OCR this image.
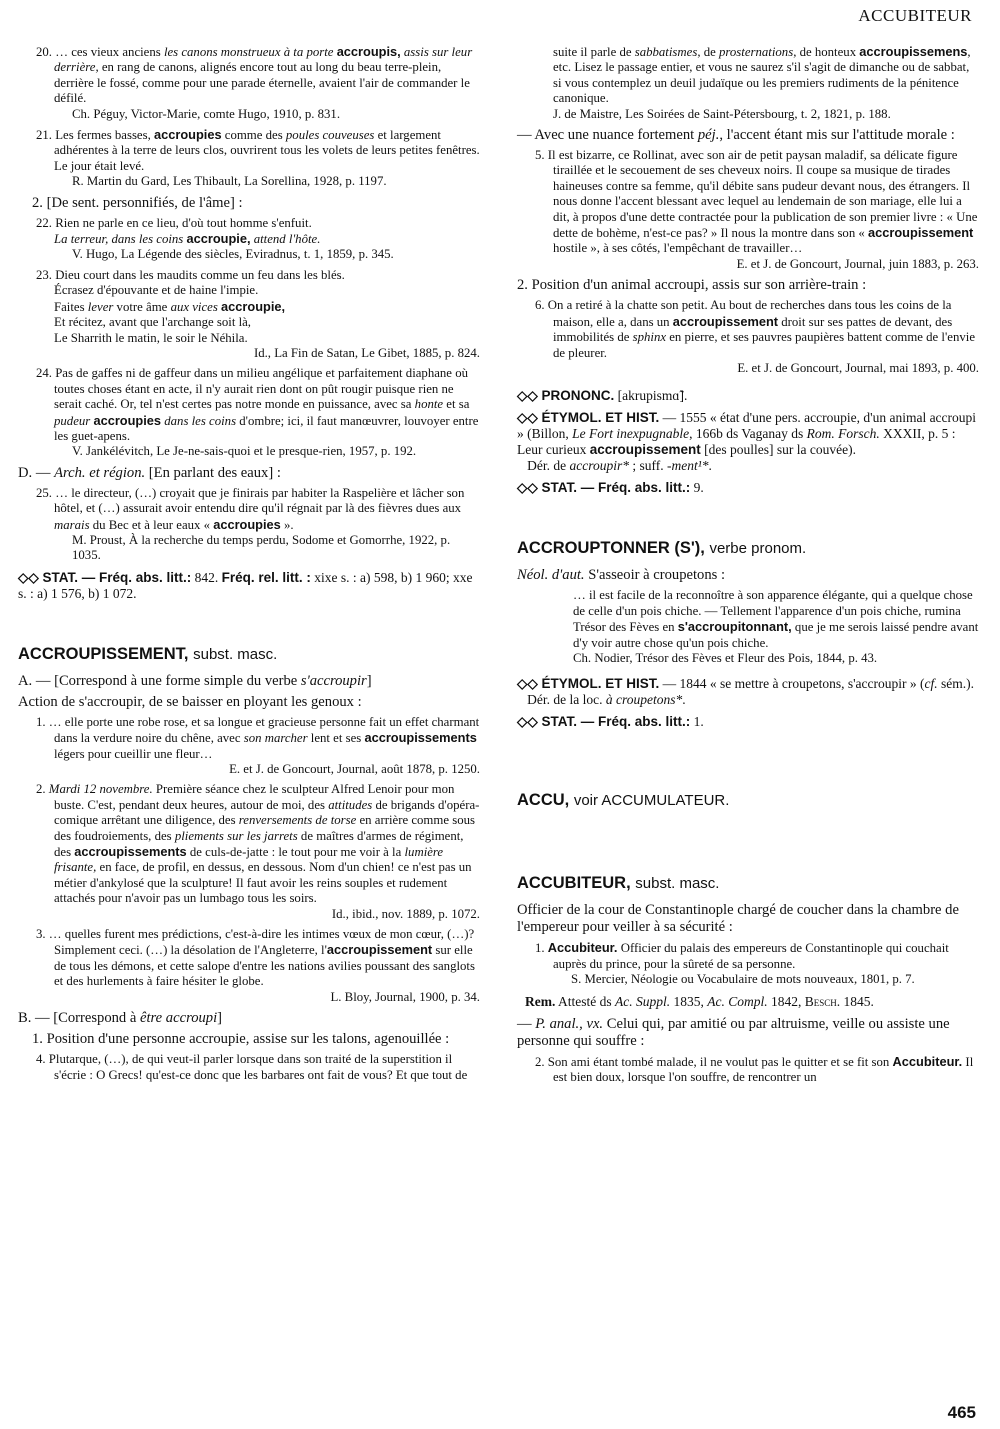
ACCUBITEUR

20. … ces vieux anciens les canons monstrueux à ta porte accroupis, assis sur leur derrière, en rang de canons, alignés encore tout au long du beau terre-plein, derrière le fossé, comme pour une parade éternelle, avaient l'air de commander le défilé.
Ch. Péguy, Victor-Marie, comte Hugo, 1910, p. 831.

21. Les fermes basses, accroupies comme des poules couveuses et largement adhérentes à la terre de leurs clos, ouvrirent tous les volets de leurs petites fenêtres. Le jour était levé.
R. Martin du Gard, Les Thibault, La Sorellina, 1928, p. 1197.

2. [De sent. personnifiés, de l'âme] :

22. Rien ne parle en ce lieu, d'où tout homme s'enfuit.
La terreur, dans les coins accroupie, attend l'hôte.
V. Hugo, La Légende des siècles, Eviradnus, t. 1, 1859, p. 345.

23. Dieu court dans les maudits comme un feu dans les blés.
Écrasez d'épouvante et de haine l'impie.
Faites lever votre âme aux vices accroupie,
Et récitez, avant que l'archange soit là,
Le Sharrith le matin, le soir le Néhila.
Id., La Fin de Satan, Le Gibet, 1885, p. 824.

24. Pas de gaffes ni de gaffeur dans un milieu angélique et parfaitement diaphane où toutes choses étant en acte, il n'y aurait rien dont on pût rougir puisque rien ne serait caché. Or, tel n'est certes pas notre monde en puissance, avec sa honte et sa pudeur accroupies dans les coins d'ombre; ici, il faut manœuvrer, louvoyer entre les guet-apens.
V. Jankélévitch, Le Je-ne-sais-quoi et le presque-rien, 1957, p. 192.

D. — Arch. et région. [En parlant des eaux] :

25. … le directeur, (…) croyait que je finirais par habiter la Raspelière et lâcher son hôtel, et (…) assurait avoir entendu dire qu'il régnait par là des fièvres dues aux marais du Bec et à leur eaux « accroupies ».
M. Proust, À la recherche du temps perdu, Sodome et Gomorrhe, 1922, p. 1035.

◇◇ STAT. — Fréq. abs. litt.: 842. Fréq. rel. litt. : xixe s. : a) 598, b) 1 960; xxe s. : a) 1 576, b) 1 072.

ACCROUPISSEMENT, subst. masc.

A. — [Correspond à une forme simple du verbe s'accroupir]

Action de s'accroupir, de se baisser en ployant les genoux :

1. … elle porte une robe rose, et sa longue et gracieuse personne fait un effet charmant dans la verdure noire du chêne, avec son marcher lent et ses accroupissements légers pour cueillir une fleur…
E. et J. de Goncourt, Journal, août 1878, p. 1250.

2. Mardi 12 novembre. Première séance chez le sculpteur Alfred Lenoir pour mon buste. C'est, pendant deux heures, autour de moi, des attitudes de brigands d'opéra-comique arrêtant une diligence, des renversements de torse en arrière comme sous des foudroiements, des pliements sur les jarrets de maîtres d'armes de régiment, des accroupissements de culs-de-jatte : le tout pour me voir à la lumière frisante, en face, de profil, en dessus, en dessous. Nom d'un chien! ce n'est pas un métier d'ankylosé que la sculpture! Il faut avoir les reins souples et rudement attachés pour n'avoir pas un lumbago tous les soirs.
Id., ibid., nov. 1889, p. 1072.

3. … quelles furent mes prédictions, c'est-à-dire les intimes vœux de mon cœur, (…)? Simplement ceci. (…) la désolation de l'Angleterre, l'accroupissement sur elle de tous les démons, et cette salope d'entre les nations avilies poussant des sanglots et des hurlements à faire hésiter le globe.
L. Bloy, Journal, 1900, p. 34.

B. — [Correspond à être accroupi]

1. Position d'une personne accroupie, assise sur les talons, agenouillée :

4. Plutarque, (…), de qui veut-il parler lorsque dans son traité de la superstition il s'écrie : O Grecs! qu'est-ce donc que les barbares ont fait de vous? Et que tout de

suite il parle de sabbatismes, de prosternations, de honteux accroupissemens, etc. Lisez le passage entier, et vous ne saurez s'il s'agit de dimanche ou de sabbat, si vous contemplez un deuil judaïque ou les premiers rudiments de la pénitence canonique.
J. de Maistre, Les Soirées de Saint-Pétersbourg, t. 2, 1821, p. 188.

— Avec une nuance fortement péj., l'accent étant mis sur l'attitude morale :

5. Il est bizarre, ce Rollinat, avec son air de petit paysan maladif, sa délicate figure tiraillée et le secouement de ses cheveux noirs. Il coupe sa musique de tirades haineuses contre sa femme, qu'il débite sans pudeur devant nous, des étrangers. Il nous donne l'accent blessant avec lequel au lendemain de son mariage, elle lui a dit, à propos d'une dette contractée pour la publication de son premier livre : « Une dette de bohème, n'est-ce pas? » Il nous la montre dans son « accroupissement hostile », à ses côtés, l'empêchant de travailler…
E. et J. de Goncourt, Journal, juin 1883, p. 263.

2. Position d'un animal accroupi, assis sur son arrière-train :

6. On a retiré à la chatte son petit. Au bout de recherches dans tous les coins de la maison, elle a, dans un accroupissement droit sur ses pattes de devant, des immobilités de sphinx en pierre, et ses pauvres paupières battent comme de l'envie de pleurer.
E. et J. de Goncourt, Journal, mai 1893, p. 400.

◇◇ PRONONC. [akrupismɑ̃].

◇◇ ÉTYMOL. ET HIST. — 1555 « état d'une pers. accroupie, d'un animal accroupi » (Billon, Le Fort inexpugnable, 166b ds Vaganay ds Rom. Forsch. XXXII, p. 5 : Leur curieux accroupissement [des poulles] sur la couvée).
Dér. de accroupir* ; suff. -ment¹*.

◇◇ STAT. — Fréq. abs. litt.: 9.

ACCROUPTONNER (S'), verbe pronom.

Néol. d'aut. S'asseoir à croupetons :

… il est facile de la reconnoître à son apparence élégante, qui a quelque chose de celle d'un pois chiche. — Tellement l'apparence d'un pois chiche, rumina Trésor des Fèves en s'accroupitonnant, que je me serois laissé pendre avant d'y voir autre chose qu'un pois chiche.
Ch. Nodier, Trésor des Fèves et Fleur des Pois, 1844, p. 43.

◇◇ ÉTYMOL. ET HIST. — 1844 « se mettre à croupetons, s'accroupir » (cf. sém.).
Dér. de la loc. à croupetons*.

◇◇ STAT. — Fréq. abs. litt.: 1.

ACCU, voir ACCUMULATEUR.

ACCUBITEUR, subst. masc.

Officier de la cour de Constantinople chargé de coucher dans la chambre de l'empereur pour veiller à sa sécurité :

1. Accubiteur. Officier du palais des empereurs de Constantinople qui couchait auprès du prince, pour la sûreté de sa personne.
S. Mercier, Néologie ou Vocabulaire de mots nouveaux, 1801, p. 7.

Rem. Attesté ds Ac. Suppl. 1835, Ac. Compl. 1842, Besch. 1845.

— P. anal., vx. Celui qui, par amitié ou par altruisme, veille ou assiste une personne qui souffre :

2. Son ami étant tombé malade, il ne voulut pas le quitter et se fit son Accubiteur. Il est bien doux, lorsque l'on souffre, de rencontrer un

465
